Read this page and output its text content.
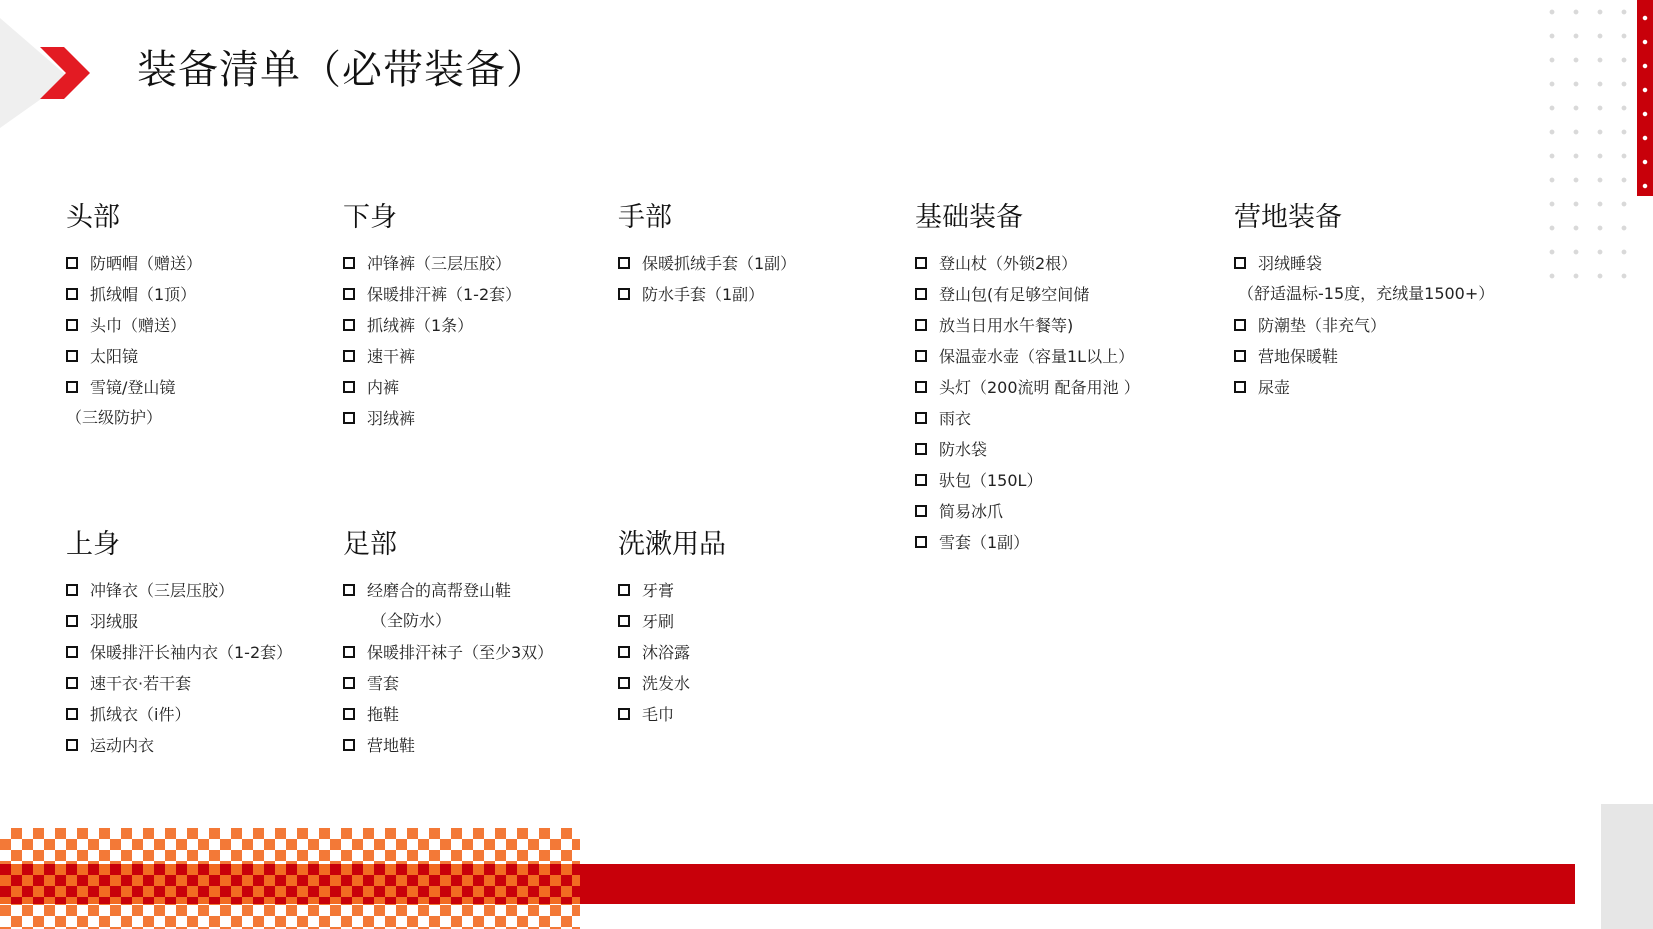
装备清单（必带装备）
头部
防晒帽（赠送）
抓绒帽（1顶）
头巾（赠送）
太阳镜
雪镜/登山镜
（三级防护）
下身
冲锋裤（三层压胶）
保暖排汗裤（1-2套）
抓绒裤（1条）
速干裤
内裤
羽绒裤
手部
保暖抓绒手套（1副）
防水手套（1副）
基础装备
登山杖（外锁2根）
登山包(有足够空间储
放当日用水午餐等)
保温壶水壶（容量1L以上）
头灯（200流明 配备用池 ）
雨衣
防水袋
驮包（150L）
简易冰爪
雪套（1副）
营地装备
羽绒睡袋
（舒适温标-15度，充绒量1500+）
防潮垫（非充气）
营地保暖鞋
尿壶
上身
冲锋衣（三层压胶）
羽绒服
保暖排汗长袖内衣（1-2套）
速干衣·若干套
抓绒衣（i件）
运动内衣
足部
经磨合的高帮登山鞋
（全防水）
保暖排汗袜子（至少3双）
雪套
拖鞋
营地鞋
洗漱用品
牙膏
牙刷
沐浴露
洗发水
毛巾
